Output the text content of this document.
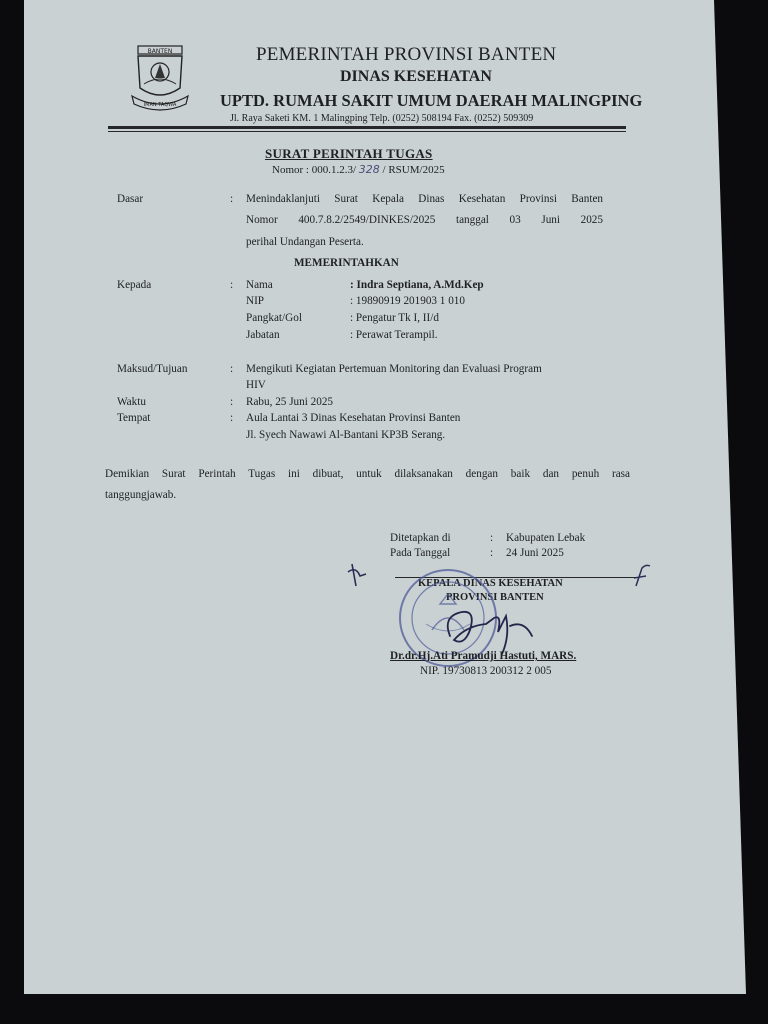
BANTEN
IMAN TAQWA
PEMERINTAH PROVINSI BANTEN
DINAS KESEHATAN
UPTD. RUMAH SAKIT UMUM DAERAH MALINGPING
Jl. Raya Saketi KM. 1 Malingping Telp. (0252) 508194 Fax. (0252) 509309
SURAT PERINTAH TUGAS
Nomor : 000.1.2.3/ 328 / RSUM/2025
Dasar	: Menindaklanjuti Surat Kepala Dinas Kesehatan Provinsi Banten
Nomor 400.7.8.2/2549/DINKES/2025 tanggal 03 Juni 2025
perihal Undangan Peserta.
MEMERINTAHKAN
Kepada	: Nama	: Indra Septiana, A.Md.Kep
NIP	: 19890919 201903 1 010
Pangkat/Gol	: Pengatur Tk I, II/d
Jabatan	: Perawat Terampil.
Maksud/Tujuan	: Mengikuti Kegiatan Pertemuan Monitoring dan Evaluasi Program
HIV
Waktu	: Rabu, 25 Juni 2025
Tempat	: Aula Lantai 3 Dinas Kesehatan Provinsi Banten
Jl. Syech Nawawi Al-Bantani KP3B Serang.
Demikian Surat Perintah Tugas ini dibuat, untuk dilaksanakan dengan baik dan penuh rasa
tanggungjawab.
Ditetapkan di	: Kabupaten Lebak
Pada Tanggal	: 24 Juni 2025
KEPALA DINAS KESEHATAN
PROVINSI BANTEN
Dr.dr.Hj.Ati Pramudji Hastuti, MARS.
NIP. 19730813 200312 2 005
